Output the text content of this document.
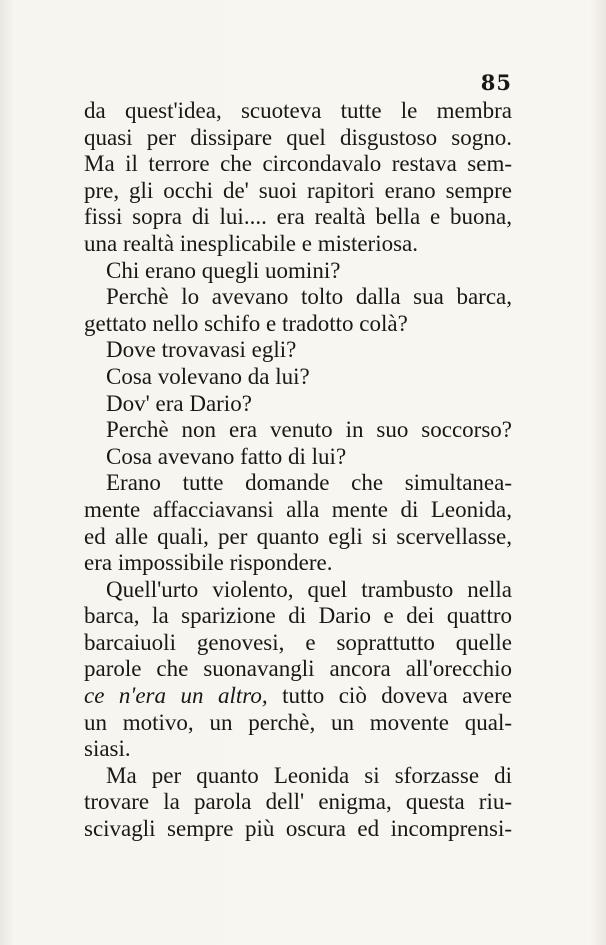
85
da quest'idea, scuoteva tutte le membra
quasi per dissipare quel disgustoso sogno.
Ma il terrore che circondavalo restava sem-
pre, gli occhi de' suoi rapitori erano sempre
fissi sopra di lui.... era realtà bella e buona,
una realtà inesplicabile e misteriosa.
Chi erano quegli uomini?
Perchè lo avevano tolto dalla sua barca,
gettato nello schifo e tradotto colà?
Dove trovavasi egli?
Cosa volevano da lui?
Dov' era Dario?
Perchè non era venuto in suo soccorso?
Cosa avevano fatto di lui?
Erano tutte domande che simultanea-
mente affacciavansi alla mente di Leonida,
ed alle quali, per quanto egli si scervellasse,
era impossibile rispondere.
Quell'urto violento, quel trambusto nella
barca, la sparizione di Dario e dei quattro
barcaiuoli genovesi, e soprattutto quelle
parole che suonavangli ancora all'orecchio
ce n'era un altro, tutto ciò doveva avere
un motivo, un perchè, un movente qual-
siasi.
Ma per quanto Leonida si sforzasse di
trovare la parola dell' enigma, questa riu-
scivagli sempre più oscura ed incomprensi-
